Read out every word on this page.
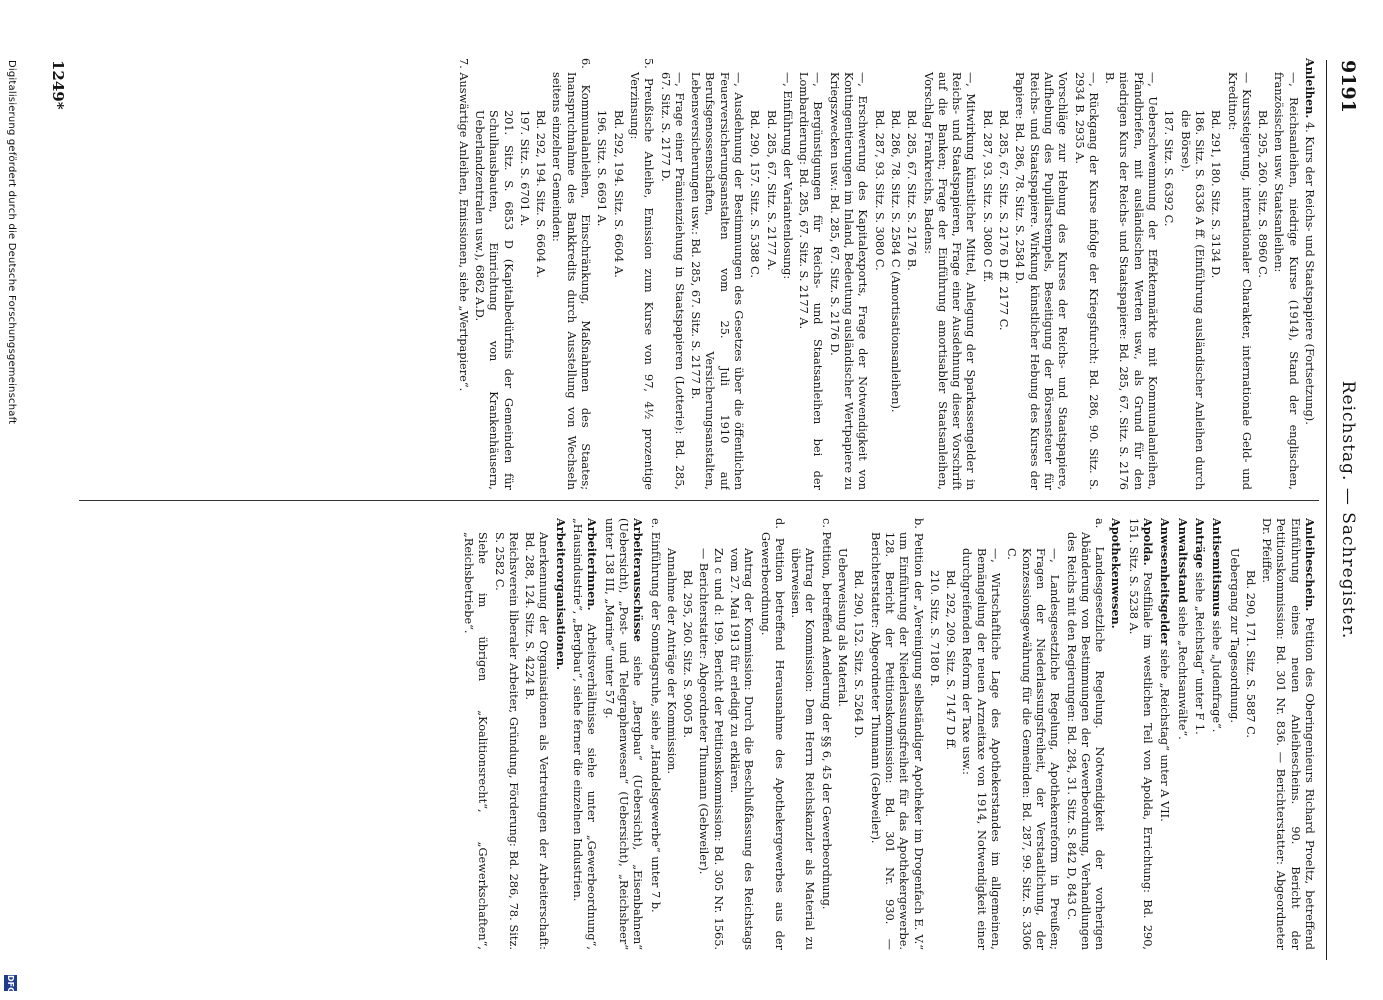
9191
Reichstag. — Sachregister.

Anleihen. 4. Kurs der Reichs- und Staatspapiere (Fortsetzung).

—, Reichsanleihen, niedrige Kurse (1914), Stand der englischen, französischen usw. Staatsanleihen:

Bd. 295, 260. Sitz. S. 8960 C.

— Kurssteigerung, internationaler Charakter, internationale Geld- und Kreditnot:

Bd. 291, 180. Sitz. S. 3134 D.

186. Sitz. S. 6336 A ff. (Einführung ausländischer Anleihen durch die Börse).

187. Sitz. S. 6392 C.

—, Ueberschwemmung der Effektenmärkte mit Kommunalanleihen, Pfandbriefen, mit ausländischen Werten usw., als Grund für den niedrigen Kurs der Reichs- und Staatspapiere: Bd. 285, 67. Sitz. S. 2176 B.

—, Rückgang der Kurse infolge der Kriegsfurcht: Bd. 286, 90. Sitz. S. 2934 B. 2935 A.

Vorschläge zur Hebung des Kurses der Reichs- und Staatspapiere, Aufhebung des Pupillarstempels, Beseitigung der Börsensteuer für Reichs- und Staatspapiere. Wirkung künstlicher Hebung des Kurses der Papiere: Bd. 286, 78. Sitz. S. 2584 D.

Bd. 285, 67. Sitz. S. 2176 D ff. 2177 C.

Bd. 287, 93. Sitz. S. 3080 C ff.

—, Mitwirkung künstlicher Mittel, Anlegung der Sparkassengelder in Reichs- und Staatspapieren, Frage einer Ausdehnung dieser Vorschrift auf die Banken; Frage der Einführung amortisabler Staatsanleihen, Vorschlag Frankreichs, Badens:

Bd. 285, 67. Sitz. S. 2176 B.

Bd. 286, 78. Sitz. S. 2584 C (Amortisationsanleihen).

Bd. 287, 93. Sitz. S. 3080 C.

—, Erschwerung des Kapitalexports, Frage der Notwendigkeit von Kontingentierungen im Inland, Bedeutung ausländischer Wertpapiere zu Kriegszwecken usw.: Bd. 285, 67. Sitz. S. 2176 D.

—, Bergünstigungen für Reichs- und Staatsanleihen bei der Lombardierung: Bd. 285, 67. Sitz. S. 2177 A.

—, Einführung der Variantenlosung:

Bd. 285, 67. Sitz. S. 2177 A.

Bd. 290, 157. Sitz. S. 5388 C.

—, Ausdehnung der Bestimmungen des Gesetzes über die öffentlichen Feuerversicherungsanstalten vom 25. Juli 1910 auf Berufsgenossenschaften, Versicherungsanstalten, Lebensversicherungen usw.: Bd. 285, 67. Sitz. S. 2177 B.

—, Frage einer Prämienziehung in Staatspapieren (Lotterie): Bd. 285, 67. Sitz. S. 2177 D.

5. Preußische Anleihe, Emission zum Kurse von 97, 4½ prozentige Verzinsung:

Bd. 292, 194. Sitz. S. 6604 A.

196. Sitz. S. 6691 A.

6. Kommunalanleihen, Einschränkung, Maßnahmen des Staates; Inanspruchnahme des Bankkredits durch Ausstellung von Wechseln seitens einzelner Gemeinden:

Bd. 292, 194. Sitz. S. 6604 A.

197. Sitz. S. 6701 A.

201. Sitz. S. 6853 D (Kapitalbedürfnis der Gemeinden für Schulhausbauten, Einrichtung von Krankenhäusern, Ueberlandzentralen usw.), 6862 A.D.

7. Auswärtige Anleihen, Emissionen, siehe „Wertpapiere“.

Anleiheschein. Petition des Oberingenieurs Richard Proeltz, betreffend Einführung eines neuen Anleihescheins. 90. Bericht der Petitionskommission: Bd. 301 Nr. 836. — Berichterstatter: Abgeordneter Dr. Pfeiffer.

Bd. 290, 171. Sitz. S. 5887 C.

Uebergang zur Tagesordnung.

Antisemitismus siehe „Judenfrage“.

Anträge siehe „Reichstag“ unter F 1.

Anwaltsstand siehe „Rechtsanwälte“.

Anwesenheitsgelder siehe „Reichstag“ unter A VII.

Apolda. Postfiliale im westlichen Teil von Apolda, Errichtung: Bd. 290, 151. Sitz. S. 5238 A.

Apothekenwesen.

a. Landesgesetzliche Regelung. Notwendigkeit der vorherigen Abänderung von Bestimmungen der Gewerbeordnung, Verhandlungen des Reichs mit den Regierungen: Bd. 284, 31. Sitz. S. 842 D, 843 C.

—, Landesgesetzliche Regelung, Apothekenreform in Preußen; Fragen der Niederlassungsfreiheit, der Verstaatlichung, der Konzessionsgewährung für die Gemeinden: Bd. 287, 99. Sitz. S. 3306 C.

—, Wirtschaftliche Lage des Apothekerstandes im allgemeinen, Bemängelung der neuen Arzneitaxe von 1914, Notwendigkeit einer durchgreifenden Reform der Taxe usw.:

Bd. 292, 209. Sitz. S. 7147 D ff.

210. Sitz. S. 7180 B.

b. Petition der „Vereinigung selbständiger Apotheker im Drogenfach E. V.“ um Einführung der Niederlassungsfreiheit für das Apothekergewerbe. 128. Bericht der Petitionskommission: Bd. 301 Nr. 930. — Berichterstatter: Abgeordneter Thumann (Gebweiler).

Bd. 290, 152. Sitz. S. 5264 D.

Ueberweisung als Material.

c. Petition, betreffend Aenderung der §§ 6, 45 der Gewerbeordnung.

Antrag der Kommission: Dem Herrn Reichskanzler als Material zu überweisen.

d. Petition betreffend Herausnahme des Apothekergewerbes aus der Gewerbeordnung.

Antrag der Kommission: Durch die Beschlußfassung des Reichstags vom 27. Mai 1913 für erledigt zu erklären.

Zu c und d: 199. Bericht der Petitionskommission: Bd. 305 Nr. 1565. — Berichterstatter: Abgeordneter Thumann (Gebweiler).

Bd. 295, 260. Sitz. S. 9005 B.

Annahme der Anträge der Kommission.

e. Einführung der Sonntagsruhe, siehe „Handelsgewerbe“ unter 7 b.

Arbeiterausschüsse siehe „Bergbau“ (Uebersicht), „Eisenbahnen“ (Uebersicht), „Post- und Telegraphenwesen“ (Uebersicht), „Reichsheer“ unter 138 III, „Marine“ unter 57 g.

Arbeiterinnen. Arbeitsverhältnisse siehe unter „Gewerbeordnung“, „Hausindustrie“, „Bergbau“, siehe ferner die einzelnen Industrien.

Arbeiterorganisationen.

Anerkennung der Organisationen als Vertretungen der Arbeiterschaft: Bd. 288, 124. Sitz. S. 4224 B.

Reichsverein liberaler Arbeiter, Gründung, Förderung: Bd. 286, 78. Sitz. S. 2582 C.

Siehe im übrigen „Koalitionsrecht“, „Gewerkschaften“, „Reichsbetriebe“.

1249*
Digitalisierung gefördert durch die Deutsche Forschungsgemeinschaft
DFG
